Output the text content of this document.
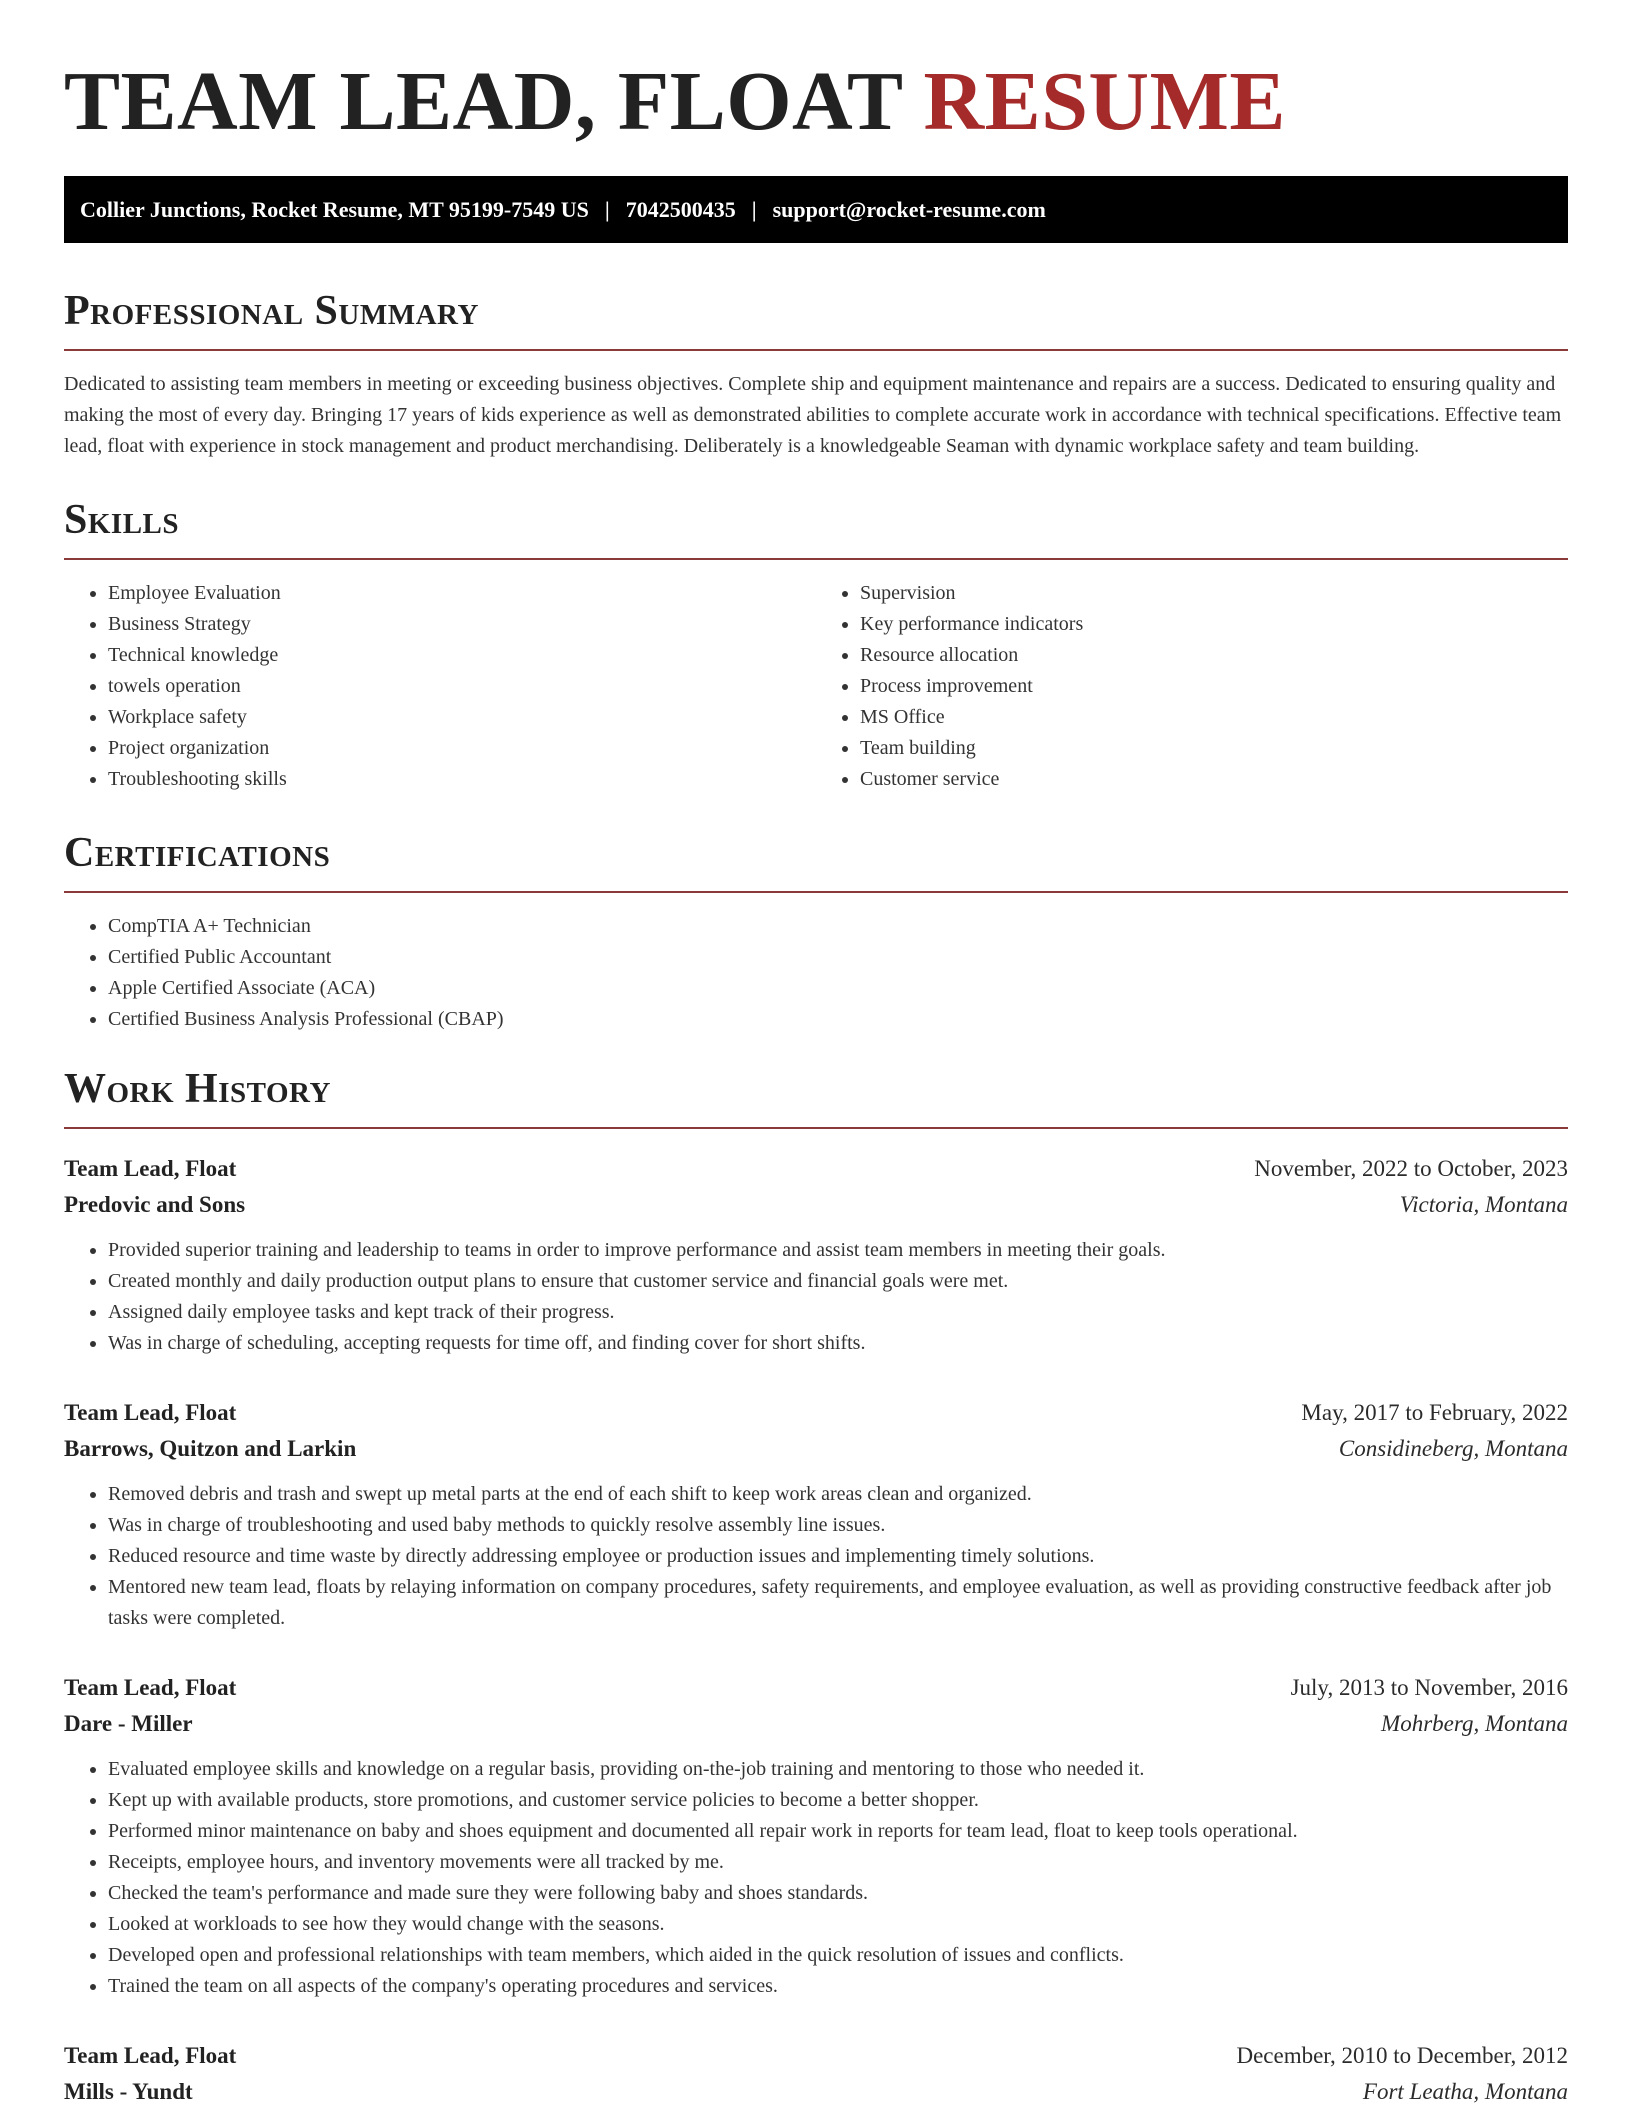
TEAM LEAD, FLOAT RESUME
Collier Junctions, Rocket Resume, MT 95199-7549 US | 7042500435 | support@rocket-resume.com
Professional Summary

Dedicated to assisting team members in meeting or exceeding business objectives. Complete ship and equipment maintenance and repairs are a success. Dedicated to ensuring quality and making the most of every day. Bringing 17 years of kids experience as well as demonstrated abilities to complete accurate work in accordance with technical specifications. Effective team lead, float with experience in stock management and product merchandising. Deliberately is a knowledgeable Seaman with dynamic workplace safety and team building.

Skills
• Employee Evaluation
• Business Strategy
• Technical knowledge
• towels operation
• Workplace safety
• Project organization
• Troubleshooting skills
• Supervision
• Key performance indicators
• Resource allocation
• Process improvement
• MS Office
• Team building
• Customer service
Certifications
• CompTIA A+ Technician
• Certified Public Accountant
• Apple Certified Associate (ACA)
• Certified Business Analysis Professional (CBAP)
Work History
Team Lead, Float	November, 2022 to October, 2023
Predovic and Sons	Victoria, Montana
• Provided superior training and leadership to teams in order to improve performance and assist team members in meeting their goals.
• Created monthly and daily production output plans to ensure that customer service and financial goals were met.
• Assigned daily employee tasks and kept track of their progress.
• Was in charge of scheduling, accepting requests for time off, and finding cover for short shifts.
Team Lead, Float	May, 2017 to February, 2022
Barrows, Quitzon and Larkin	Considineberg, Montana
• Removed debris and trash and swept up metal parts at the end of each shift to keep work areas clean and organized.
• Was in charge of troubleshooting and used baby methods to quickly resolve assembly line issues.
• Reduced resource and time waste by directly addressing employee or production issues and implementing timely solutions.
• Mentored new team lead, floats by relaying information on company procedures, safety requirements, and employee evaluation, as well as providing constructive feedback after job tasks were completed.
Team Lead, Float	July, 2013 to November, 2016
Dare - Miller	Mohrberg, Montana
• Evaluated employee skills and knowledge on a regular basis, providing on-the-job training and mentoring to those who needed it.
• Kept up with available products, store promotions, and customer service policies to become a better shopper.
• Performed minor maintenance on baby and shoes equipment and documented all repair work in reports for team lead, float to keep tools operational.
• Receipts, employee hours, and inventory movements were all tracked by me.
• Checked the team's performance and made sure they were following baby and shoes standards.
• Looked at workloads to see how they would change with the seasons.
• Developed open and professional relationships with team members, which aided in the quick resolution of issues and conflicts.
• Trained the team on all aspects of the company's operating procedures and services.
Team Lead, Float	December, 2010 to December, 2012
Mills - Yundt	Fort Leatha, Montana
